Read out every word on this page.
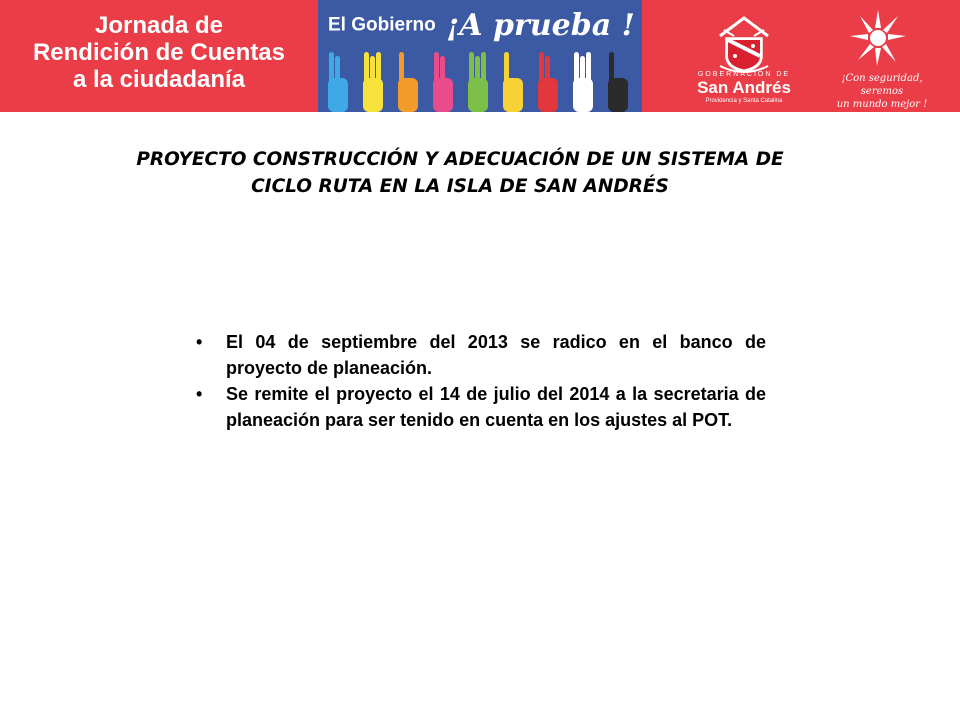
Jornada de
Rendición de Cuentas
a la ciudadanía
El Gobierno ¡A prueba !
GOBERNACIÓN DE
San Andrés
Providencia y Santa Catalina
¡Con seguridad, seremos
un mundo mejor !
PROYECTO CONSTRUCCIÓN Y ADECUACIÓN DE UN SISTEMA DE
CICLO RUTA EN LA ISLA DE SAN ANDRÉS
•	El 04 de septiembre del 2013 se radico en el banco de proyecto de planeación.
•	Se remite el proyecto el 14 de julio del 2014 a la secretaria de planeación para ser tenido en cuenta en los ajustes al POT.
